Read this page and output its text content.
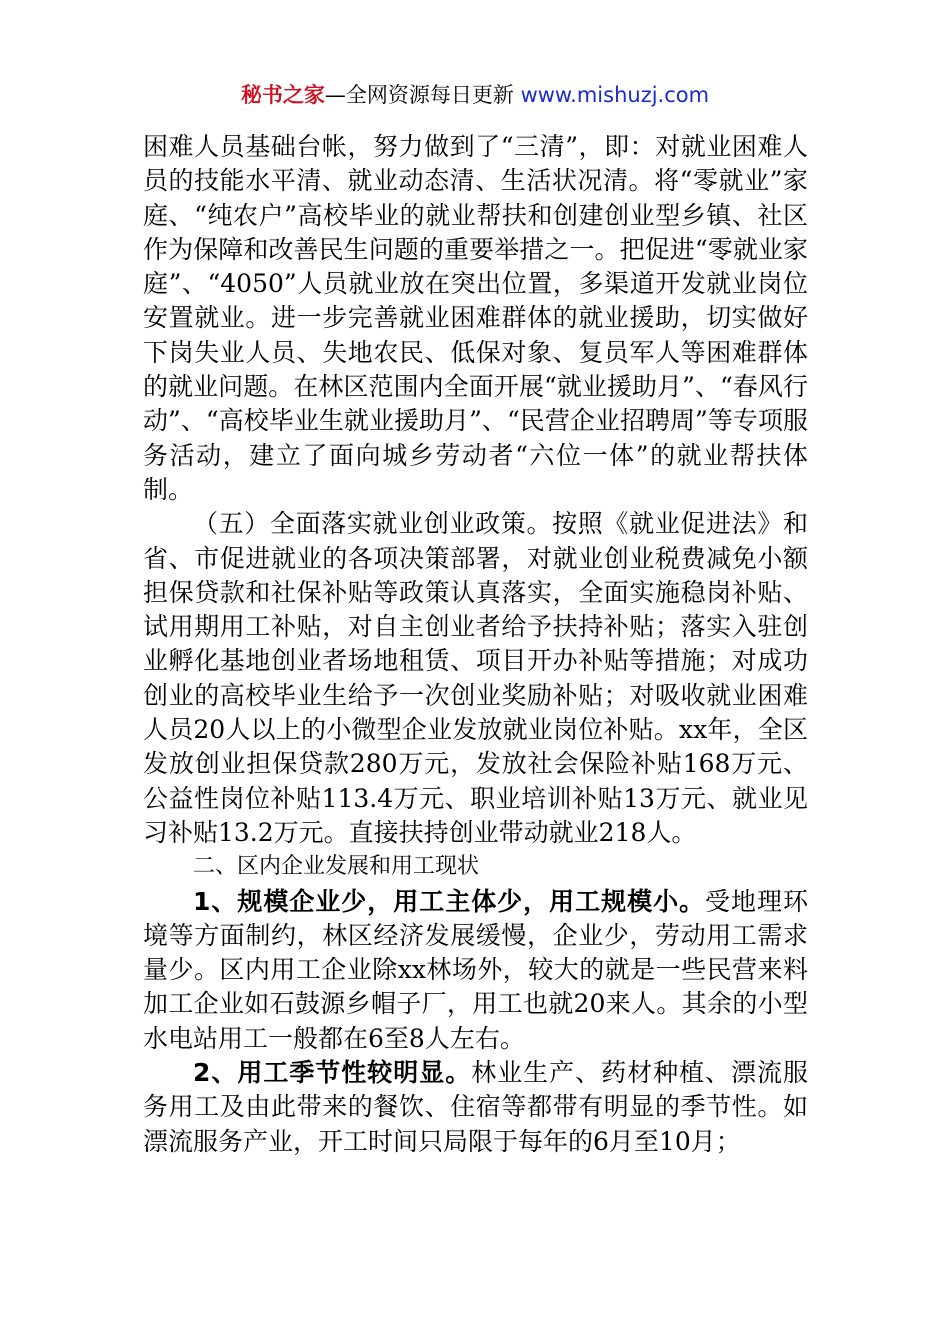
秘书之家—全网资源每日更新 www.mishuzj.com

困难人员基础台帐，努力做到了“三清”，即：对就业困难人员的技能水平清、就业动态清、生活状况清。将“零就业”家庭、“纯农户”高校毕业的就业帮扶和创建创业型乡镇、社区作为保障和改善民生问题的重要举措之一。把促进“零就业家庭”、“4050”人员就业放在突出位置，多渠道开发就业岗位安置就业。进一步完善就业困难群体的就业援助，切实做好下岗失业人员、失地农民、低保对象、复员军人等困难群体的就业问题。在林区范围内全面开展“就业援助月”、“春风行动”、“高校毕业生就业援助月”、“民营企业招聘周”等专项服务活动，建立了面向城乡劳动者“六位一体”的就业帮扶体制。

（五）全面落实就业创业政策。按照《就业促进法》和省、市促进就业的各项决策部署，对就业创业税费减免小额担保贷款和社保补贴等政策认真落实，全面实施稳岗补贴、试用期用工补贴，对自主创业者给予扶持补贴；落实入驻创业孵化基地创业者场地租赁、项目开办补贴等措施；对成功创业的高校毕业生给予一次创业奖励补贴；对吸收就业困难人员20人以上的小微型企业发放就业岗位补贴。xx年，全区发放创业担保贷款280万元，发放社会保险补贴168万元、公益性岗位补贴113.4万元、职业培训补贴13万元、就业见习补贴13.2万元。直接扶持创业带动就业218人。

二、区内企业发展和用工现状

1、规模企业少，用工主体少，用工规模小。受地理环境等方面制约，林区经济发展缓慢，企业少，劳动用工需求量少。区内用工企业除xx林场外，较大的就是一些民营来料加工企业如石鼓源乡帽子厂，用工也就20来人。其余的小型水电站用工一般都在6至8人左右。

2、用工季节性较明显。林业生产、药材种植、漂流服务用工及由此带来的餐饮、住宿等都带有明显的季节性。如漂流服务产业，开工时间只局限于每年的6月至10月；
